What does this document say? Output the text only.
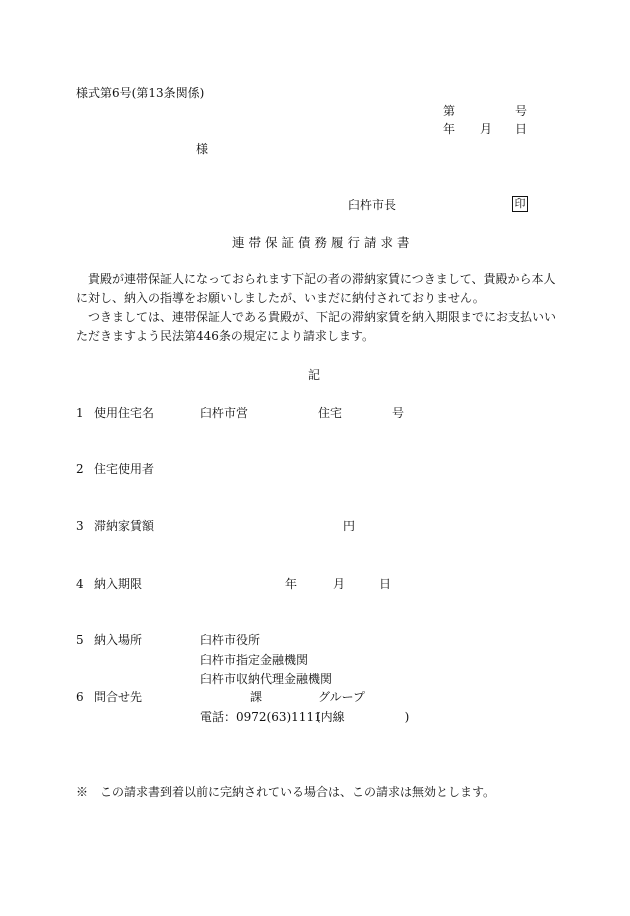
様式第6号(第13条関係)
第	号
年 月 日
様
臼杵市長	印
連帯保証債務履行請求書

貴殿が連帯保証人になっておられます下記の者の滞納家賃につきまして、貴殿から本人に対し、納入の指導をお願いしましたが、いまだに納付されておりません。

つきましては、連帯保証人である貴殿が、下記の滞納家賃を納入期限までにお支払いいただきますよう民法第446条の規定により請求します。

記
1 使用住宅名	臼杵市営	住宅	号
2 住宅使用者
3 滞納家賃額	円
4 納入期限	年	月	日
5 納入場所	臼杵市役所
臼杵市指定金融機関
臼杵市収納代理金融機関
6 問合せ先	課	グループ
電話：0972(63)1111
(内線　　　　　)
※　この請求書到着以前に完納されている場合は、この請求は無効とします。
